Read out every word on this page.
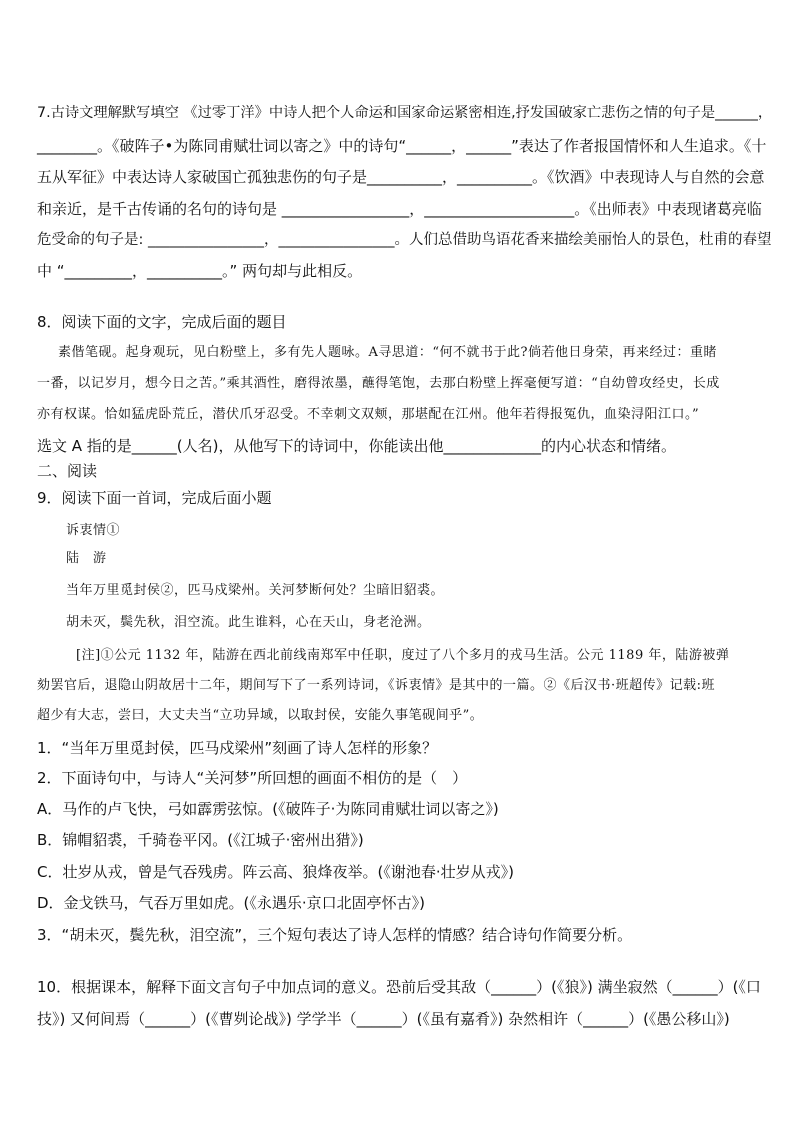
7.古诗文理解默写填空 《过零丁洋》中诗人把个人命运和国家命运紧密相连,抒发国破家亡悲伤之情的句子是______，
________。《破阵子•为陈同甫赋壮词以寄之》中的诗句“______，______”表达了作者报国情怀和人生追求。《十
五从军征》中表达诗人家破国亡孤独悲伤的句子是__________，__________。《饮酒》中表现诗人与自然的会意
和亲近，是千古传诵的名句的诗句是 _________________，____________________。《出师表》中表现诸葛亮临
危受命的句子是: ________________，________________。人们总借助鸟语花香来描绘美丽怡人的景色，杜甫的春望
中 “_________，__________。” 两句却与此相反。
8．阅读下面的文字，完成后面的题目
素偕笔砚。起身观玩，见白粉壁上，多有先人题咏。A寻思道：“何不就书于此?倘若他日身荣，再来经过：重睹
一番，以记岁月，想今日之苦。”乘其酒性，磨得浓墨，蘸得笔饱，去那白粉壁上挥毫便写道：“自幼曾攻经史，长成
亦有权谋。恰如猛虎卧荒丘，潜伏爪牙忍受。不幸刺文双颊，那堪配在江州。他年若得报冤仇，血染浔阳江口。”
选文 A 指的是______(人名)，从他写下的诗词中，你能读出他_____________的内心状态和情绪。
二、阅读
9．阅读下面一首词，完成后面小题
诉衷情①
陆　游
当年万里觅封侯②，匹马戍梁州。关河梦断何处？尘暗旧貂裘。
胡未灭，鬓先秋，泪空流。此生谁料，心在天山，身老沧洲。
[注]①公元 1132 年，陆游在西北前线南郑军中任职，度过了八个多月的戎马生活。公元 1189 年，陆游被弹
劾罢官后，退隐山阴故居十二年，期间写下了一系列诗词，《诉衷情》是其中的一篇。②《后汉书·班超传》记载:班
超少有大志，尝曰，大丈夫当“立功异域，以取封侯，安能久事笔砚间乎”。
1．“当年万里觅封侯，匹马戍梁州”刻画了诗人怎样的形象？
2．下面诗句中，与诗人“关河梦”所回想的画面不相仿的是（　）
A．马作的卢飞快，弓如霹雳弦惊。(《破阵子·为陈同甫赋壮词以寄之》)
B．锦帽貂裘，千骑卷平冈。(《江城子·密州出猎》)
C．壮岁从戎，曾是气吞残虏。阵云高、狼烽夜举。(《谢池春·壮岁从戎》)
D．金戈铁马，气吞万里如虎。(《永遇乐·京口北固亭怀古》)
3．“胡未灭，鬓先秋，泪空流”，三个短句表达了诗人怎样的情感？结合诗句作简要分析。
10．根据课本，解释下面文言句子中加点词的意义。恐前后受其敌（______）(《狼》) 满坐寂然（______）(《口
技》) 又何间焉（______）(《曹刿论战》) 学学半（______）(《虽有嘉肴》) 杂然相许（______）(《愚公移山》)
